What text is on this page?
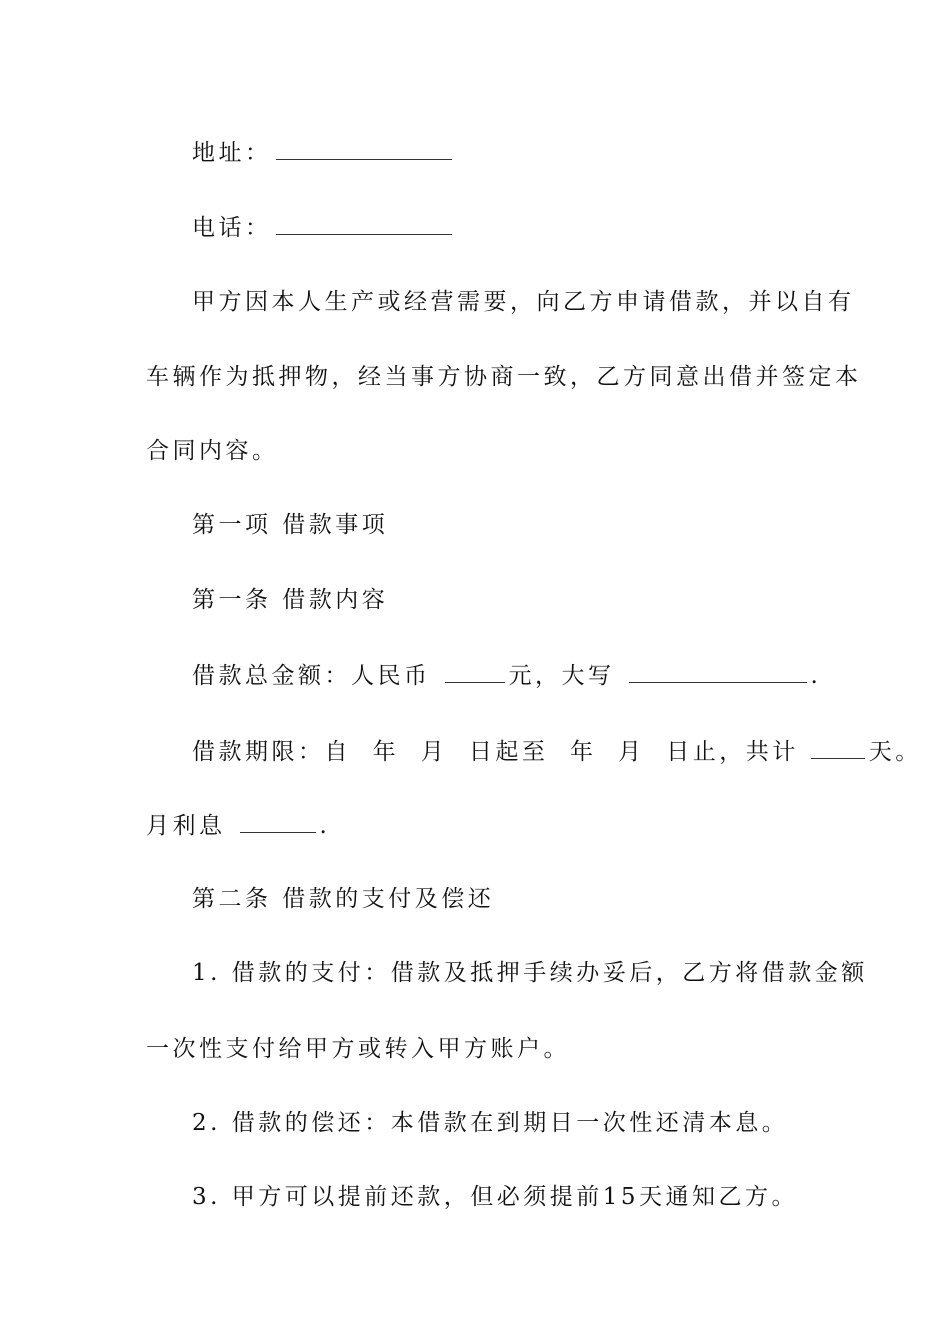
地址：
电话：
甲方因本人生产或经营需要，向乙方申请借款，并以自有
车辆作为抵押物，经当事方协商一致，乙方同意出借并签定本
合同内容。
第一项 借款事项
第一条 借款内容
借款总金额：人民币	元，大写	.
借款期限：自  年  月  日起至  年  月  日止，共计	天。
月利息	.
第二条 借款的支付及偿还
1. 借款的支付：借款及抵押手续办妥后，乙方将借款金额
一次性支付给甲方或转入甲方账户。
2. 借款的偿还：本借款在到期日一次性还清本息。
3. 甲方可以提前还款，但必须提前15天通知乙方。
